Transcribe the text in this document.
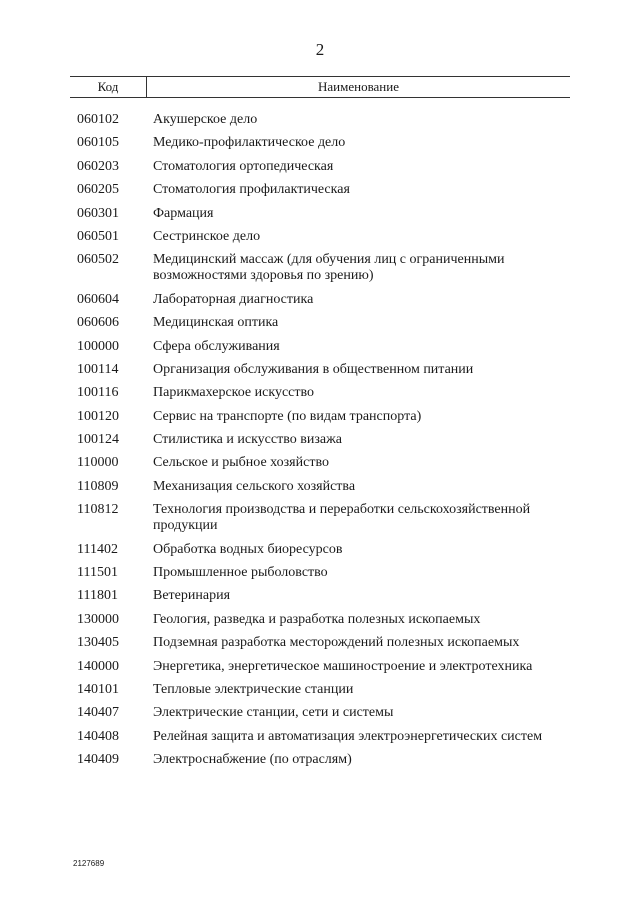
2
Код	Наименование
060102	Акушерское дело
060105	Медико-профилактическое дело
060203	Стоматология ортопедическая
060205	Стоматология профилактическая
060301	Фармация
060501	Сестринское дело
060502	Медицинский массаж (для обучения лиц с ограниченными возможностями здоровья по зрению)
060604	Лабораторная диагностика
060606	Медицинская оптика
100000	Сфера обслуживания
100114	Организация обслуживания в общественном питании
100116	Парикмахерское искусство
100120	Сервис на транспорте (по видам транспорта)
100124	Стилистика и искусство визажа
110000	Сельское и рыбное хозяйство
110809	Механизация сельского хозяйства
110812	Технология производства и переработки сельскохозяйственной продукции
111402	Обработка водных биоресурсов
111501	Промышленное рыболовство
111801	Ветеринария
130000	Геология, разведка и разработка полезных ископаемых
130405	Подземная разработка месторождений полезных ископаемых
140000	Энергетика, энергетическое машиностроение и электротехника
140101	Тепловые электрические станции
140407	Электрические станции, сети и системы
140408	Релейная защита и автоматизация электроэнергетических систем
140409	Электроснабжение (по отраслям)
2127689
